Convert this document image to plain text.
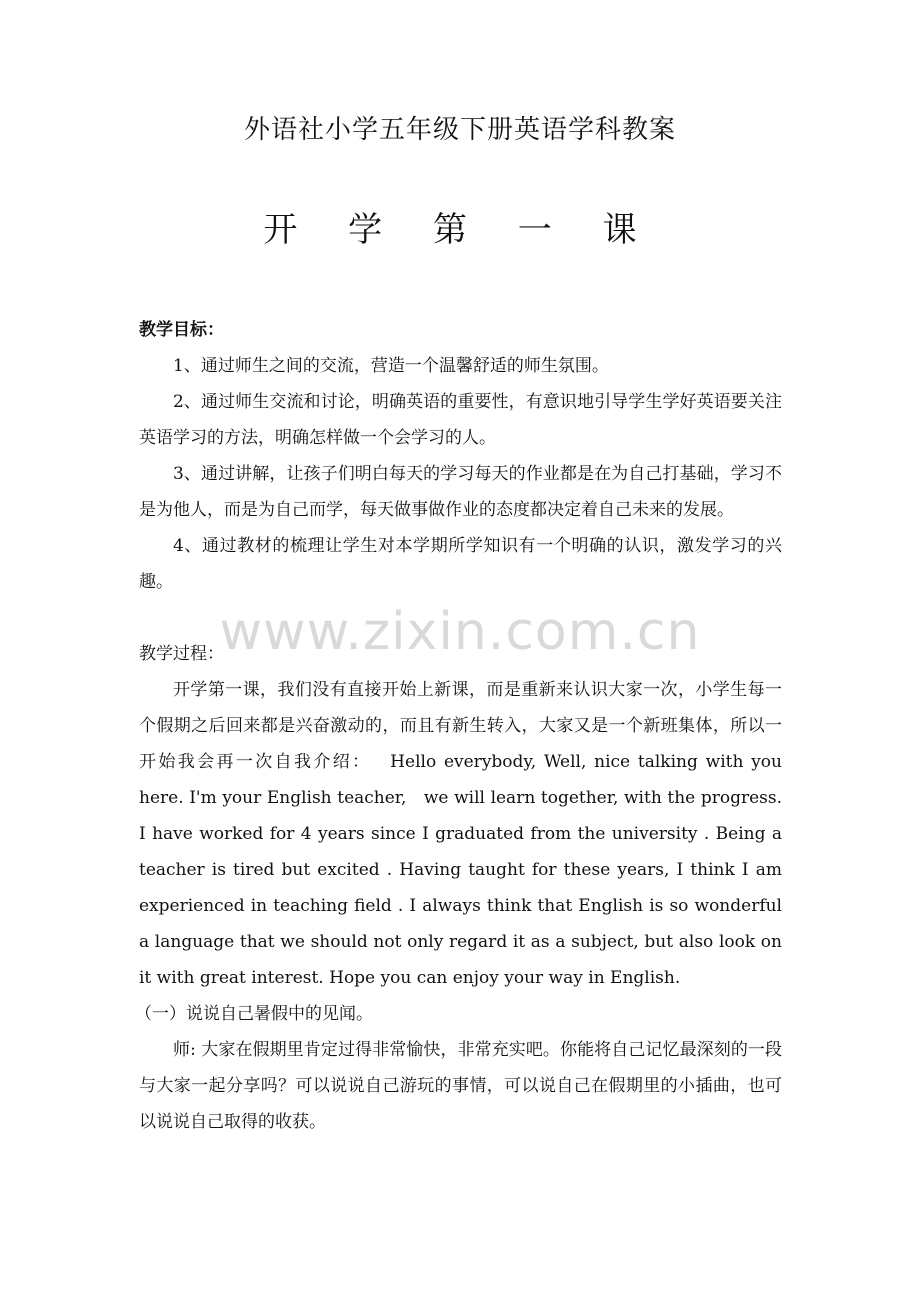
外语社小学五年级下册英语学科教案
开 学 第 一 课
www.zixin.com.cn

教学目标：

1、通过师生之间的交流，营造一个温馨舒适的师生氛围。

2、通过师生交流和讨论，明确英语的重要性，有意识地引导学生学好英语要关注英语学习的方法，明确怎样做一个会学习的人。

3、通过讲解，让孩子们明白每天的学习每天的作业都是在为自己打基础，学习不是为他人，而是为自己而学，每天做事做作业的态度都决定着自己未来的发展。

4、通过教材的梳理让学生对本学期所学知识有一个明确的认识，激发学习的兴趣。

教学过程：

开学第一课，我们没有直接开始上新课，而是重新来认识大家一次，小学生每一个假期之后回来都是兴奋激动的，而且有新生转入，大家又是一个新班集体，所以一开始我会再一次自我介绍：　 Hello everybody, Well, nice talking with you here. I'm your English teacher,　we will learn together, with the progress. I have worked for 4 years since I graduated from the university . Being a teacher is tired but excited . Having taught for these years, I think I am experienced in teaching field . I always think that English is so wonderful a language that we should not only regard it as a subject, but also look on it with great interest. Hope you can enjoy your way in English.

（一）说说自己暑假中的见闻。

师: 大家在假期里肯定过得非常愉快，非常充实吧。你能将自己记忆最深刻的一段与大家一起分享吗？可以说说自己游玩的事情，可以说自己在假期里的小插曲，也可以说说自己取得的收获。
